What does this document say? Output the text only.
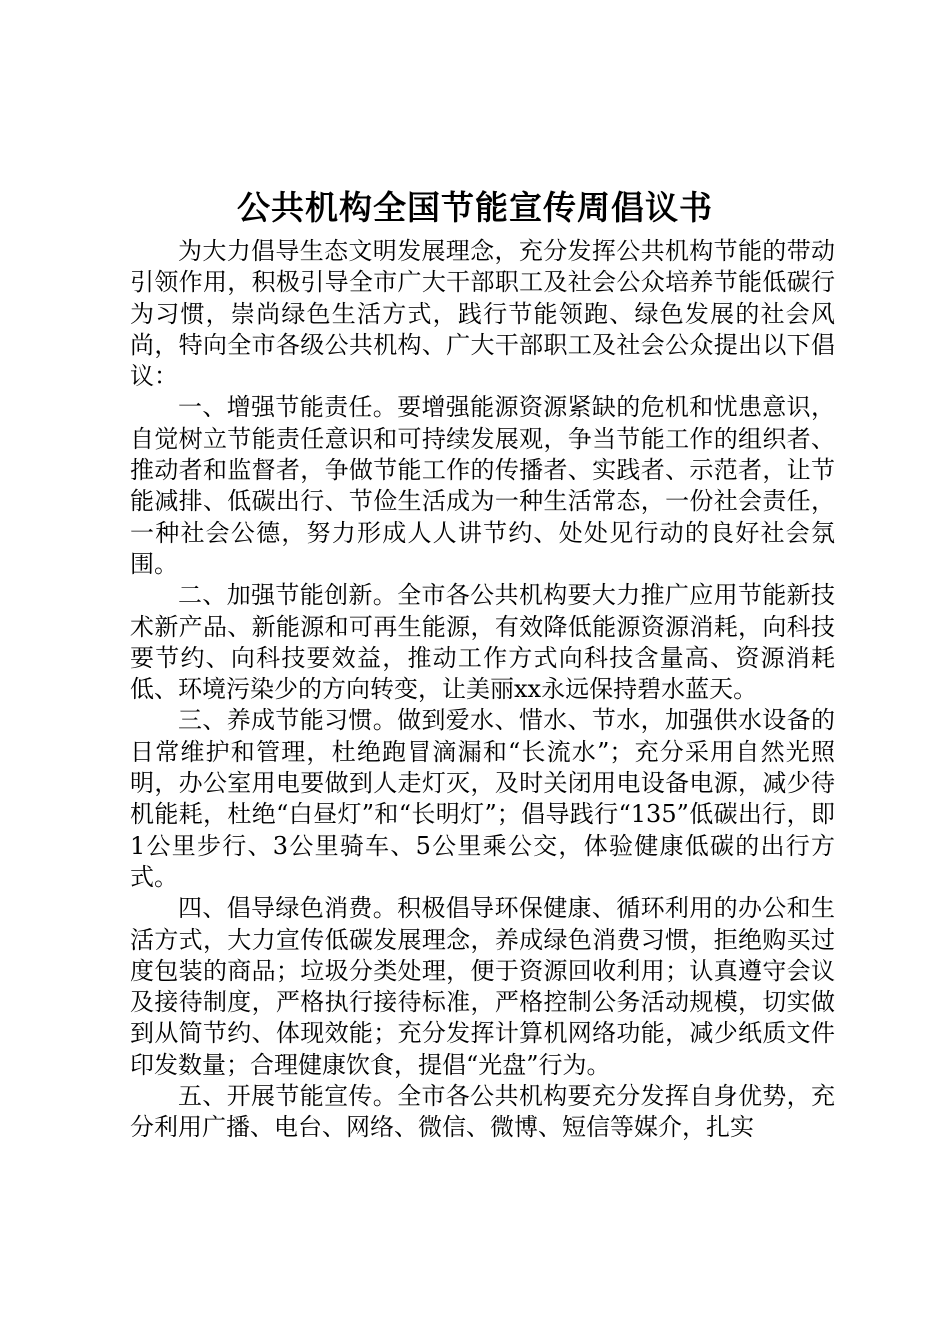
公共机构全国节能宣传周倡议书

为大力倡导生态文明发展理念，充分发挥公共机构节能的带动引领作用，积极引导全市广大干部职工及社会公众培养节能低碳行为习惯，崇尚绿色生活方式，践行节能领跑、绿色发展的社会风尚，特向全市各级公共机构、广大干部职工及社会公众提出以下倡议：

一、增强节能责任。要增强能源资源紧缺的危机和忧患意识，自觉树立节能责任意识和可持续发展观，争当节能工作的组织者、推动者和监督者，争做节能工作的传播者、实践者、示范者，让节能减排、低碳出行、节俭生活成为一种生活常态，一份社会责任，一种社会公德，努力形成人人讲节约、处处见行动的良好社会氛围。

二、加强节能创新。全市各公共机构要大力推广应用节能新技术新产品、新能源和可再生能源，有效降低能源资源消耗，向科技要节约、向科技要效益，推动工作方式向科技含量高、资源消耗低、环境污染少的方向转变，让美丽xx永远保持碧水蓝天。

三、养成节能习惯。做到爱水、惜水、节水，加强供水设备的日常维护和管理，杜绝跑冒滴漏和“长流水”；充分采用自然光照明，办公室用电要做到人走灯灭，及时关闭用电设备电源，减少待机能耗，杜绝“白昼灯”和“长明灯”；倡导践行“135”低碳出行，即1公里步行、3公里骑车、5公里乘公交，体验健康低碳的出行方式。

四、倡导绿色消费。积极倡导环保健康、循环利用的办公和生活方式，大力宣传低碳发展理念，养成绿色消费习惯，拒绝购买过度包装的商品；垃圾分类处理，便于资源回收利用；认真遵守会议及接待制度，严格执行接待标准，严格控制公务活动规模，切实做到从简节约、体现效能；充分发挥计算机网络功能，减少纸质文件印发数量；合理健康饮食，提倡“光盘”行为。

五、开展节能宣传。全市各公共机构要充分发挥自身优势，充分利用广播、电台、网络、微信、微博、短信等媒介，扎实
